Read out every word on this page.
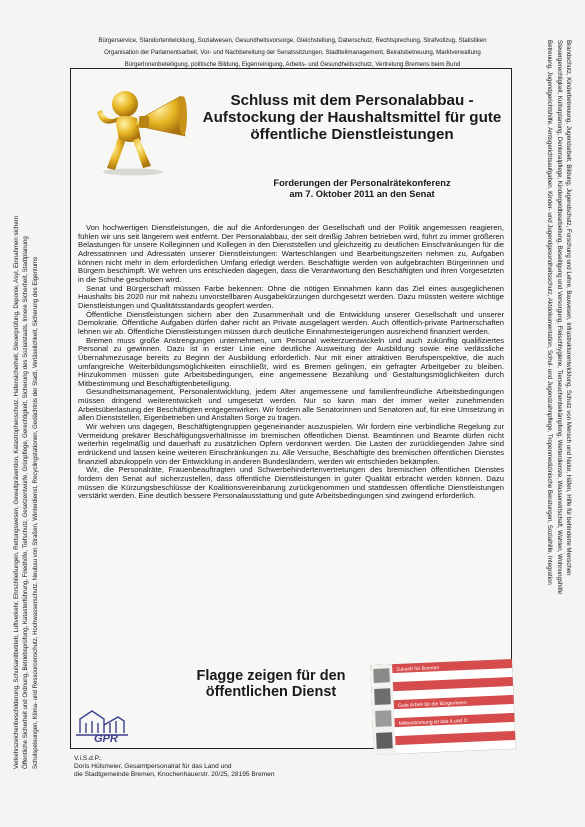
Bürgerservice, Standortentwicklung, Sozialwesen, Gesundheitsvorsorge, Gleichstellung, Datenschutz, Rechtsprechung, Strafvollzug, Statistiken
Organisation der Parlamentsarbeit, Vor- und Nachbereitung der Senatssitzungen, Stadtteilmanagement, Beiratsbetreuung, Marktverwaltung
BürgerInnenbeteiligung, politische Bildung, Eigenreinigung, Arbeits- und Gesundheitsschutz, Vertretung Bremens beim Bund
Verkehrszeichenbeschilderung, Schulsanitbetrieb, Luftverkehr, Ehrschließungen, Rettungswesen, Gewaltprävention, Katastrophenschutz, Hafensicherheit, Steuerprüfung, Deponie, Asyl, Einnahmen sichern Öffentliche Sicherheit und Ordnung, Betriebsprüfung, Katasterführung, Friedhöfe, Tiefschutz, Gesetzentwürfe, Grünpflege, Gerechtigkeit, Sicherung des Sozialstaats, Innere Sicherheit, Stadtplanung Schulspeisungen, Klima- und Ressourcenschutz, Hochwasserschutz, Neubau von Straßen, Winterdienst, Recyclingstationen, Gedächtnis der Stadt, Verlässlichkeit, Sicherung des Eigentums	Brandschutz, Kinderbetreuung, Jugendarbeit, Bildung, Jugendschutz, Forschung und Lehre, Bauwesen, Infrastrukturentwicklung, Schutz von Mensch und Natur, Häfen, Hilfe für behinderte Menschen
Steuergerechtigkeit, Kulturplanung, Denkmalpflege, Kindergeldbearbeitung, Beseitigung und Versorgung, Fleischhygiene, Tierseuchenbekämpfung, Wetterdienste, Wasserwirtschaft, Wahlen, Wohnungshilfe
Betreuung, Jugendgerichtshilfe, Amtsgerichtsaufgaben, Kinder- und Jugendgesundheitsschutz, Aktdokumentation, Schul- und Jugendzahnpflege, Tropenmedizinische Beratungen, Sozialhilfe, Integration
Schluss mit dem Personalabbau - Aufstockung der Haushaltsmittel für gute öffentliche Dienstleistungen
Forderungen der Personalrätekonferenz am 7. Oktober 2011 an den Senat

Von hochwertigen Dienstleistungen, die auf die Anforderungen der Gesellschaft und der Politik angemessen reagieren, fühlen wir uns seit längerem weit entfernt. Der Personalabbau, der seit dreißig Jahren betrieben wird, führt zu immer größeren Belastungen für unsere Kolleginnen und Kollegen in den Dienststellen und gleichzeitig zu deutlichen Einschränkungen für die Adressatinnen und Adressaten unserer Dienstleistungen: Warteschlangen und Bearbeitungszeiten nehmen zu, Aufgaben können nicht mehr in dem erforderlichen Umfang erledigt werden. Beschäftigte werden von aufgebrachten Bürgerinnen und Bürgern beschimpft. Wir wehren uns entschieden dagegen, dass die Verantwortung den Beschäftigten und ihren Vorgesetzten in die Schuhe geschoben wird.

Senat und Bürgerschaft müssen Farbe bekennen: Ohne die nötigen Einnahmen kann das Ziel eines ausgeglichenen Haushalts bis 2020 nur mit nahezu unvorstellbaren Ausgabekürzungen durchgesetzt werden. Dazu müssten weitere wichtige Dienstleistungen und Qualitätsstandards geopfert werden.

Öffentliche Dienstleistungen sichern aber den Zusammenhalt und die Entwicklung unserer Gesellschaft und unserer Demokratie. Öffentliche Aufgaben dürfen daher nicht an Private ausgelagert werden. Auch öffentlich-private Partnerschaften lehnen wir ab. Öffentliche Dienstleistungen müssen durch deutliche Einnahmesteigerungen ausreichend finanziert werden.

Bremen muss große Anstrengungen unternehmen, um Personal weiterzuentwickeln und auch zukünftig qualifiziertes Personal zu gewinnen. Dazu ist in erster Linie eine deutliche Ausweitung der Ausbildung sowie eine verlässliche Übernahmezusage bereits zu Beginn der Ausbildung erforderlich. Nur mit einer attraktiven Berufsperspektive, die auch umfangreiche Weiterbildungsmöglichkeiten einschließt, wird es Bremen gelingen, ein gefragter Arbeitgeber zu bleiben. Hinzukommen müssen gute Arbeitsbedingungen, eine angemessene Bezahlung und Gestaltungsmöglichkeiten durch Mitbestimmung und Beschäftigtenbeteiligung.

Gesundheitsmanagement, Personalentwicklung, jedem Alter angemessene und familienfreundliche Arbeitsbedingungen müssen dringend weiterentwickelt und umgesetzt werden. Nur so kann man der immer weiter zunehmenden Arbeitsüberlastung der Beschäftigten entgegenwirken. Wir fordern alle Senatorinnen und Senatoren auf, für eine Umsetzung in allen Dienststellen, Eigenbetrieben und Anstalten Sorge zu tragen.

Wir wehren uns dagegen, Beschäftigtengruppen gegeneinander auszuspielen. Wir fordern eine verbindliche Regelung zur Vermeidung prekärer Beschäftigungsverhältnisse im bremischen öffentlichen Dienst. Beamtinnen und Beamte dürfen nicht weiterhin regelmäßig und dauerhaft zu zusätzlichen Opfern verdonnert werden. Die Lasten der zurückliegenden Jahre sind erdrückend und lassen keine weiteren Einschränkungen zu. Alle Versuche, Beschäftigte des bremischen öffentlichen Dienstes finanziell abzukoppeln von der Entwicklung in anderen Bundesländern, werden wir entschieden bekämpfen.

Wir, die Personalräte, Frauenbeauftragten und Schwerbehindertenvertretungen des bremischen öffentlichen Dienstes fordern den Senat auf sicherzustellen, dass öffentliche Dienstleistungen in guter Qualität erbracht werden können. Dazu müssen die Kürzungsbeschlüsse der Koalitionsvereinbarung zurückgenommen und stattdessen öffentliche Dienstleistungen verstärkt werden. Eine deutlich bessere Personalausstattung und gute Arbeitsbedingungen sind zwingend erforderlich.

Flagge zeigen für den öffentlichen Dienst
Zukunft für Bremen
Gute Arbeit für die Bürgerinnen
Mitbestimmung ist das A und O
GPR
V.i.S.d.P.:
Doris Hülsmeier, Gesamtpersonalrat für das Land und
die Stadtgemeinde Bremen, Knochenhauerstr. 20/25, 28195 Bremen
